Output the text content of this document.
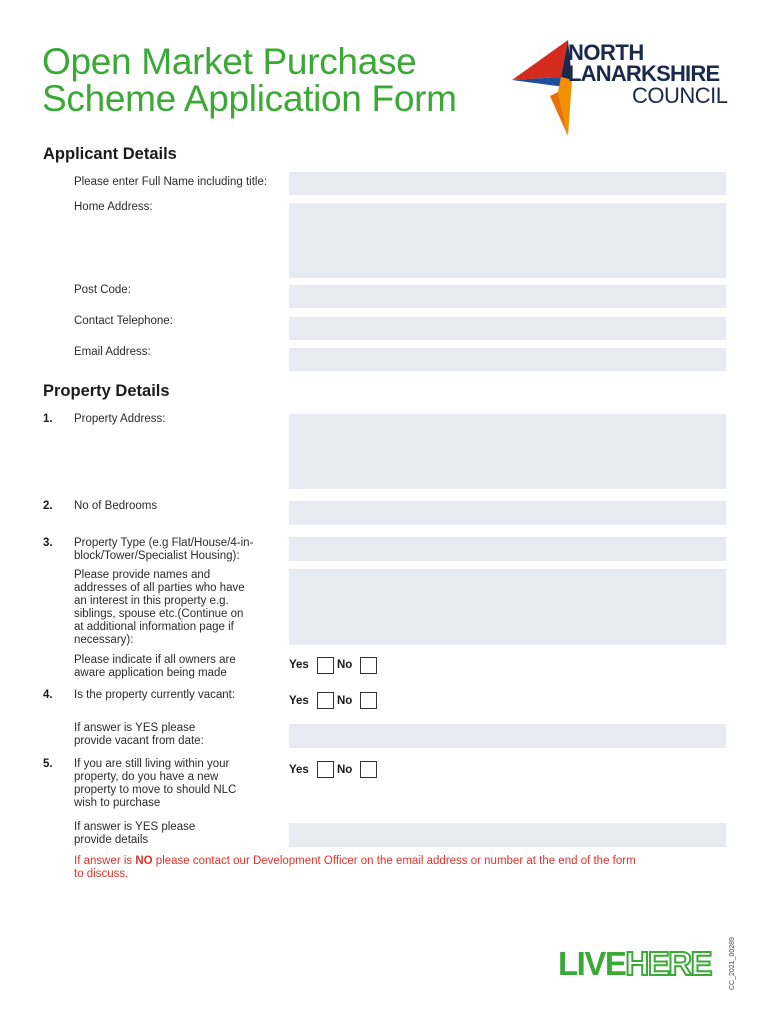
Open Market Purchase
Scheme Application Form
NORTH
LANARKSHIRE
COUNCIL
Applicant Details
Please enter Full Name including title:
Home Address:
Post Code:
Contact Telephone:
Email Address:
Property Details
1. Property Address:
2. No of Bedrooms
3. Property Type (e.g Flat/House/4-in-
block/Tower/Specialist Housing):
Please provide names and
addresses of all parties who have
an interest in this property e.g.
siblings, spouse etc.(Continue on
at additional information page if
necessary):
Please indicate if all owners are
aware application being made
Yes No
4. Is the property currently vacant:	Yes No
If answer is YES please
provide vacant from date:
5. If you are still living within your
property, do you have a new
property to move to should NLC
wish to purchase
Yes No
If answer is YES please
provide details
If answer is NO please contact our Development Officer on the email address or number at the end of the form
to discuss.
LIVEHERE	CC_2021_00289
